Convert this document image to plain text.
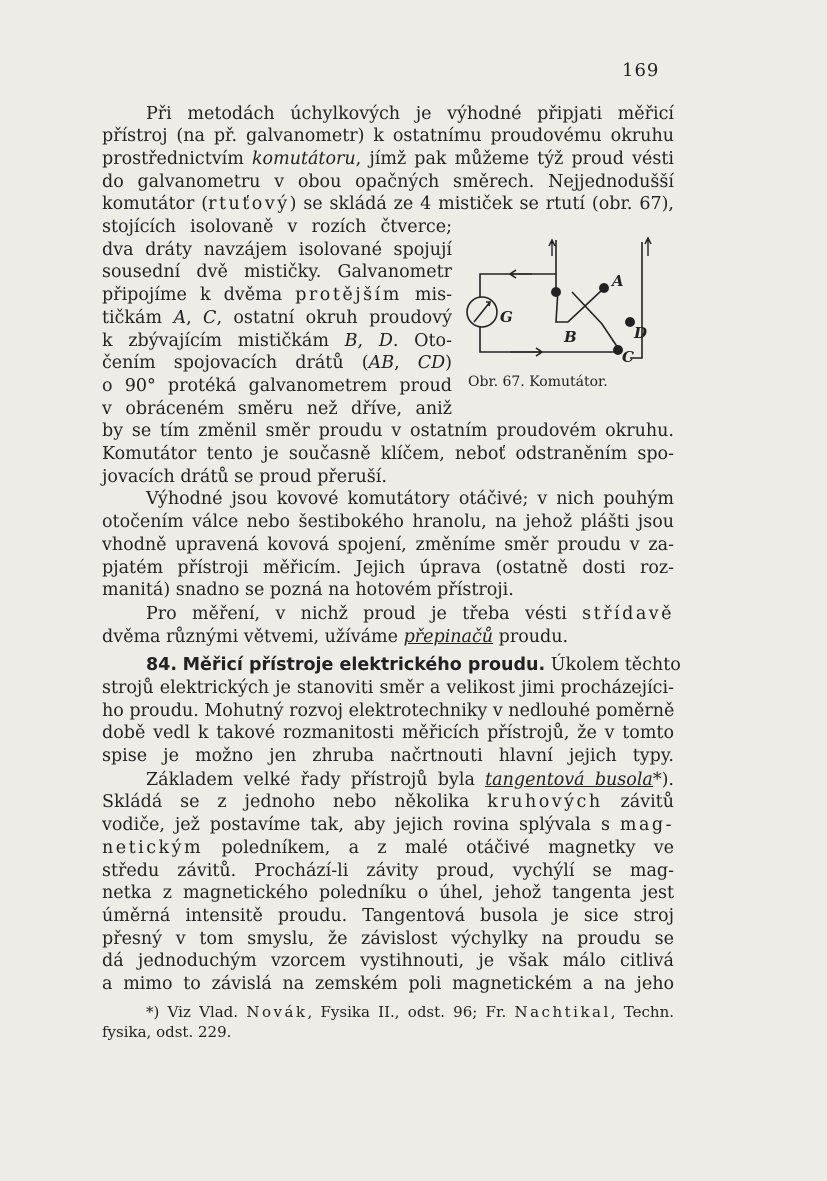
169
Při metodách úchylkových je výhodné připjati měřicí
přístroj (na př. galvanometr) k ostatnímu proudovému okruhu
prostřednictvím komutátoru, jímž pak můžeme týž proud vésti
do galvanometru v obou opačných směrech. Nejjednodušší
komutátor (rtuťový) se skládá ze 4 mističek se rtutí (obr. 67),
stojících isolovaně v rozích čtverce;
dva dráty navzájem isolované spojují
sousední dvě mističky. Galvanometr
připojíme k dvěma protějším mis-
tičkám A, C, ostatní okruh proudový
k zbývajícím mističkám B, D. Oto-
čením spojovacích drátů (AB, CD)
o 90° protéká galvanometrem proud
v obráceném směru než dříve, aniž
by se tím změnil směr proudu v ostatním proudovém okruhu.
Komutátor tento je současně klíčem, neboť odstraněním spo-
jovacích drátů se proud přeruší.
A
B
C
D
G
Obr. 67. Komutátor.
Výhodné jsou kovové komutátory otáčivé; v nich pouhým
otočením válce nebo šestibokého hranolu, na jehož plášti jsou
vhodně upravená kovová spojení, změníme směr proudu v za-
pjatém přístroji měřicím. Jejich úprava (ostatně dosti roz-
manitá) snadno se pozná na hotovém přístroji.
Pro měření, v nichž proud je třeba vésti střídavě
dvěma různými větvemi, užíváme přepinačů proudu.
84. Měřicí přístroje elektrického proudu. Úkolem těchto
strojů elektrických je stanoviti směr a velikost jimi procházejíci-
ho proudu. Mohutný rozvoj elektrotechniky v nedlouhé poměrně
době vedl k takové rozmanitosti měřicích přístrojů, že v tomto
spise je možno jen zhruba načrtnouti hlavní jejich typy.
Základem velké řady přístrojů byla tangentová busola*).
Skládá se z jednoho nebo několika kruhových závitů
vodiče, jež postavíme tak, aby jejich rovina splývala s mag-
netickým poledníkem, a z malé otáčivé magnetky ve
středu závitů. Prochází-li závity proud, vychýlí se mag-
netka z magnetického poledníku o úhel, jehož tangenta jest
úměrná intensitě proudu. Tangentová busola je sice stroj
přesný v tom smyslu, že závislost výchylky na proudu se
dá jednoduchým vzorcem vystihnouti, je však málo citlivá
a mimo to závislá na zemském poli magnetickém a na jeho
*) Viz Vlad. Novák, Fysika II., odst. 96; Fr. Nachtikal, Techn.
fysika, odst. 229.
